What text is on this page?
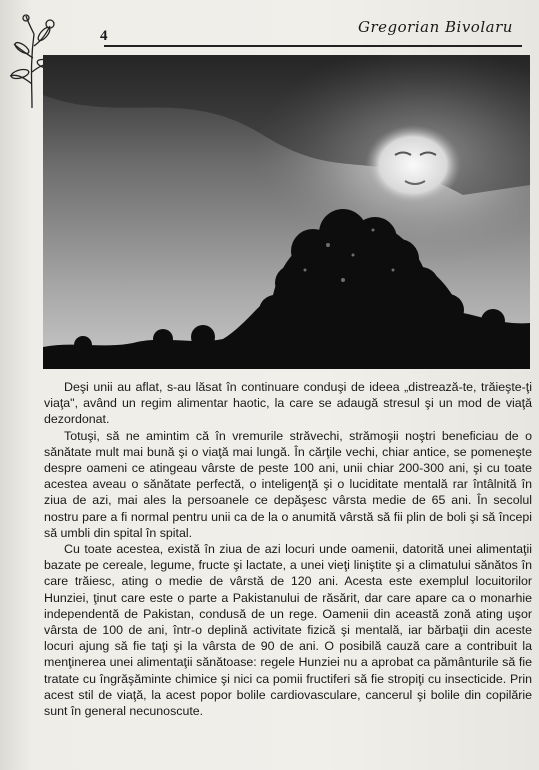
4	Gregorian Bivolaru

Deşi unii au aflat, s-au lăsat în continuare conduşi de ideea „distrează-te, trăieşte-ţi viaţa", având un regim alimentar haotic, la care se adaugă stresul şi un mod de viaţă dezordonat.

Totuşi, să ne amintim că în vremurile străvechi, strămoşii noştri beneficiau de o sănătate mult mai bună şi o viaţă mai lungă. În cărţile vechi, chiar antice, se pomeneşte despre oameni ce atingeau vârste de peste 100 ani, unii chiar 200-300 ani, şi cu toate acestea aveau o sănătate perfectă, o inteligenţă şi o luciditate mentală rar întâlnită în ziua de azi, mai ales la persoanele ce depăşesc vârsta medie de 65 ani. În secolul nostru pare a fi normal pentru unii ca de la o anumită vârstă să fii plin de boli şi să începi să umbli din spital în spital.

Cu toate acestea, există în ziua de azi locuri unde oamenii, datorită unei alimentaţii bazate pe cereale, legume, fructe şi lactate, a unei vieţi liniştite şi a climatului sănătos în care trăiesc, ating o medie de vârstă de 120 ani. Acesta este exemplul locuitorilor Hunziei, ţinut care este o parte a Pakistanului de răsărit, dar care apare ca o monarhie independentă de Pakistan, condusă de un rege. Oamenii din această zonă ating uşor vârsta de 100 de ani, într-o deplină activitate fizică şi mentală, iar bărbaţii din aceste locuri ajung să fie taţi şi la vârsta de 90 de ani. O posibilă cauză care a contribuit la menţinerea unei alimentaţii sănătoase: regele Hunziei nu a aprobat ca pământurile să fie tratate cu îngrăşăminte chimice şi nici ca pomii fructiferi să fie stropiţi cu insecticide. Prin acest stil de viaţă, la acest popor bolile cardiovasculare, cancerul şi bolile din copilărie sunt în general necunoscute.
